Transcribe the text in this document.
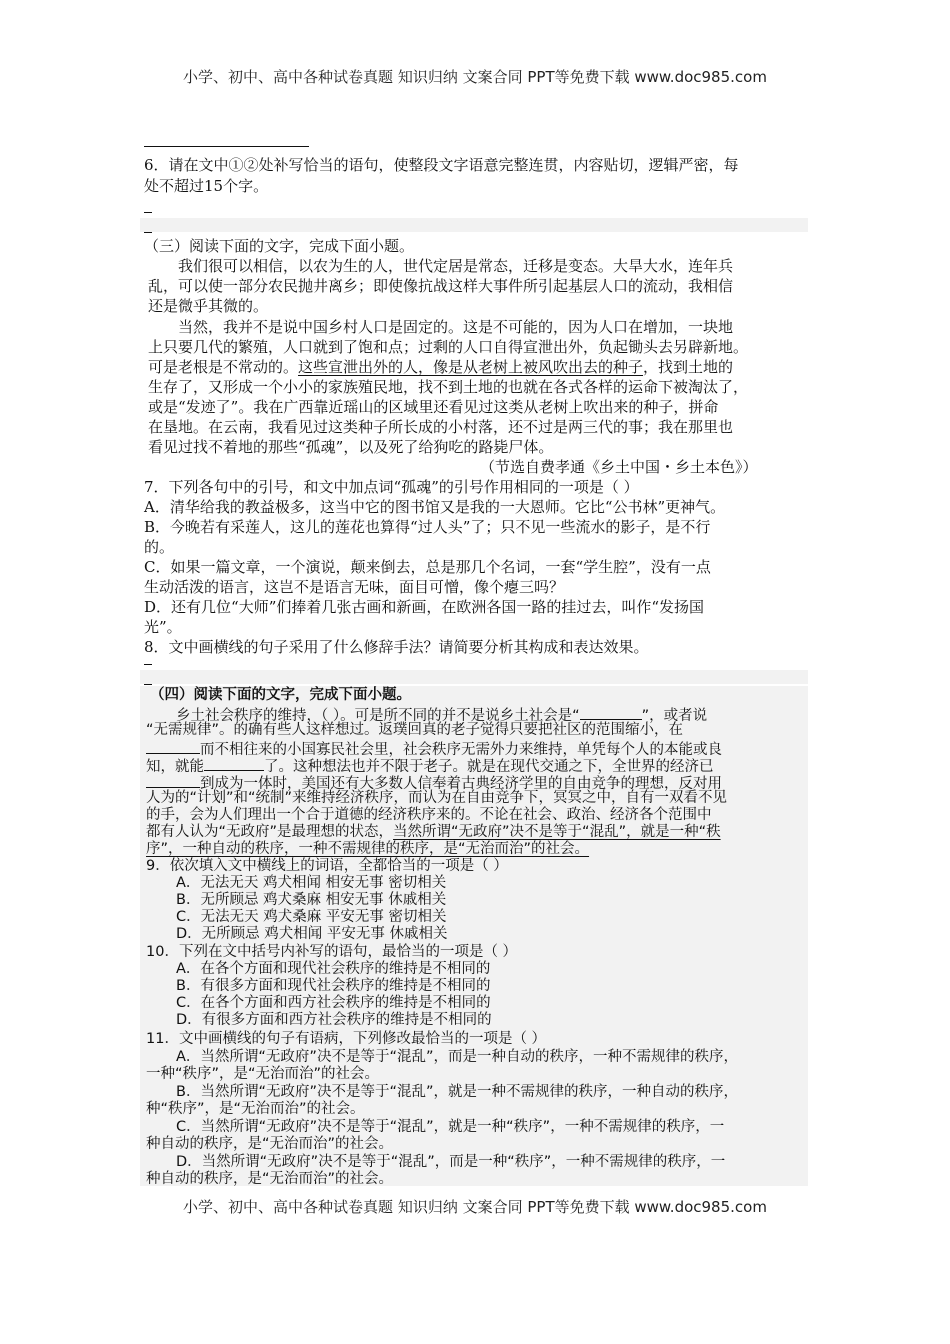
小学、初中、高中各种试卷真题 知识归纳 文案合同 PPT等免费下载 www.doc985.com
6．请在文中①②处补写恰当的语句，使整段文字语意完整连贯，内容贴切，逻辑严密，每
处不超过15个字。
（三）阅读下面的文字，完成下面小题。
我们很可以相信，以农为生的人，世代定居是常态，迁移是变态。大旱大水，连年兵
乱，可以使一部分农民抛井离乡；即使像抗战这样大事件所引起基层人口的流动，我相信
还是微乎其微的。
当然，我并不是说中国乡村人口是固定的。这是不可能的，因为人口在增加，一块地
上只要几代的繁殖，人口就到了饱和点；过剩的人口自得宣泄出外，负起锄头去另辟新地。
可是老根是不常动的。这些宣泄出外的人，像是从老树上被风吹出去的种子，找到土地的
生存了，又形成一个小小的家族殖民地，找不到土地的也就在各式各样的运命下被淘汰了，
或是“发迹了”。我在广西靠近瑶山的区域里还看见过这类从老树上吹出来的种子，拼命
在垦地。在云南，我看见过这类种子所长成的小村落，还不过是两三代的事；我在那里也
看见过找不着地的那些“孤魂”，以及死了给狗吃的路毙尸体。
（节选自费孝通《乡土中国・乡土本色》）
7．下列各句中的引号，和文中加点词“孤魂”的引号作用相同的一项是（ ）
A．清华给我的教益极多，这当中它的图书馆又是我的一大恩师。它比“公书林”更神气。
B．今晚若有采莲人，这儿的莲花也算得“过人头”了；只不见一些流水的影子，是不行
的。
C．如果一篇文章，一个演说，颠来倒去，总是那几个名词，一套“学生腔”，没有一点
生动活泼的语言，这岂不是语言无味，面目可憎，像个瘪三吗？
D．还有几位“大师”们捧着几张古画和新画，在欧洲各国一路的挂过去，叫作“发扬国
光”。
8．文中画横线的句子采用了什么修辞手法？请简要分析其构成和表达效果。
（四）阅读下面的文字，完成下面小题。
乡土社会秩序的维持，（ ）。可是所不同的并不是说乡土社会是“	”，或者说
“无需规律”。的确有些人这样想过。返璞回真的老子觉得只要把社区的范围缩小，在
而不相往来的小国寡民社会里，社会秩序无需外力来维持，单凭每个人的本能或良
知，就能	了。这种想法也并不限于老子。就是在现代交通之下，全世界的经济已
到成为一体时，美国还有大多数人信奉着古典经济学里的自由竞争的理想，反对用
人为的“计划”和“统制”来维持经济秩序，而认为在自由竞争下，冥冥之中，自有一双看不见
的手，会为人们理出一个合于道德的经济秩序来的。不论在社会、政治、经济各个范围中
都有人认为“无政府”是最理想的状态，当然所谓“无政府”决不是等于“混乱”，就是一种“秩
序”，一种自动的秩序，一种不需规律的秩序，是“无治而治”的社会。
9．依次填入文中横线上的词语，全都恰当的一项是（ ）
A．无法无天 鸡犬相闻 相安无事 密切相关
B．无所顾忌 鸡犬桑麻 相安无事 休戚相关
C．无法无天 鸡犬桑麻 平安无事 密切相关
D．无所顾忌 鸡犬相闻 平安无事 休戚相关
10．下列在文中括号内补写的语句，最恰当的一项是（ ）
A．在各个方面和现代社会秩序的维持是不相同的
B．有很多方面和现代社会秩序的维持是不相同的
C．在各个方面和西方社会秩序的维持是不相同的
D．有很多方面和西方社会秩序的维持是不相同的
11．文中画横线的句子有语病，下列修改最恰当的一项是（ ）
A．当然所谓“无政府”决不是等于“混乱”，而是一种自动的秩序，一种不需规律的秩序，
一种“秩序”，是“无治而治”的社会。
B．当然所谓“无政府”决不是等于“混乱”，就是一种不需规律的秩序，一种自动的秩序，
种“秩序”，是“无治而治”的社会。
C．当然所谓“无政府”决不是等于“混乱”，就是一种“秩序”，一种不需规律的秩序，一
种自动的秩序，是“无治而治”的社会。
D．当然所谓“无政府”决不是等于“混乱”，而是一种“秩序”，一种不需规律的秩序，一
种自动的秩序，是“无治而治”的社会。
小学、初中、高中各种试卷真题 知识归纳 文案合同 PPT等免费下载 www.doc985.com
